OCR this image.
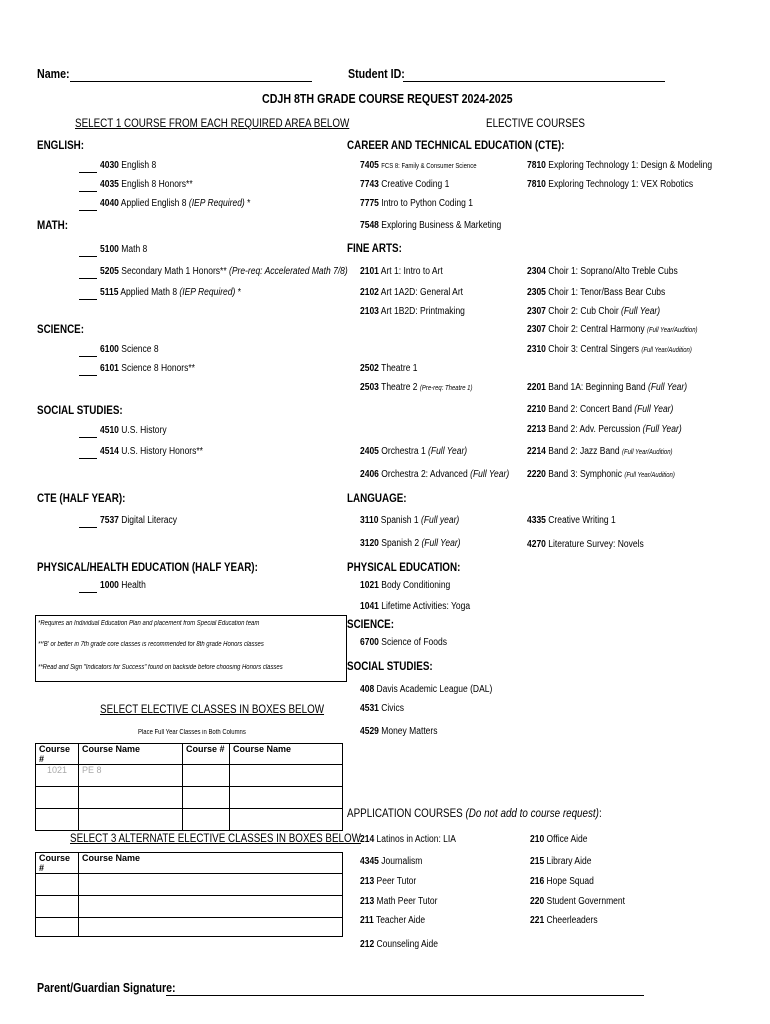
Name:	Student ID:
CDJH 8TH GRADE COURSE REQUEST 2024-2025
SELECT 1 COURSE FROM EACH REQUIRED AREA BELOW	ELECTIVE COURSES
ENGLISH:
4030 English 8
4035 English 8 Honors**
4040 Applied English 8 (IEP Required) *
MATH:
5100 Math 8
5205 Secondary Math 1 Honors** (Pre-req: Accelerated Math 7/8)
5115 Applied Math 8 (IEP Required) *
SCIENCE:
6100 Science 8
6101 Science 8 Honors**
SOCIAL STUDIES:
4510 U.S. History
4514 U.S. History Honors**
CTE (HALF YEAR):
7537 Digital Literacy
PHYSICAL/HEALTH EDUCATION (HALF YEAR):
1000 Health
*Requires an Individual Education Plan and placement from Special Education team
**'B' or better in 7th grade core classes is recommended for 8th grade Honors classes
**Read and Sign "Indicators for Success" found on backside before choosing Honors classes
SELECT ELECTIVE CLASSES IN BOXES BELOW
Place Full Year Classes in Both Columns
Course #	Course Name	Course #	Course Name
1021	PE 8		

SELECT 3 ALTERNATE ELECTIVE CLASSES IN BOXES BELOW
Course #	Course Name

CAREER AND TECHNICAL EDUCATION (CTE):
FINE ARTS:
LANGUAGE:
PHYSICAL EDUCATION:
SCIENCE:
SOCIAL STUDIES:
APPLICATION COURSES (Do not add to course request):
7405 FCS 8: Family & Consumer Science
7743 Creative Coding 1
7775 Intro to Python Coding 1
7548 Exploring Business & Marketing
7810 Exploring Technology 1: Design & Modeling
7810 Exploring Technology 1: VEX Robotics
2101 Art 1: Intro to Art
2102 Art 1A2D: General Art
2103 Art 1B2D: Printmaking
2502 Theatre 1
2503 Theatre 2 (Pre-req: Theatre 1)
2405 Orchestra 1 (Full Year)
2406 Orchestra 2: Advanced (Full Year)
2304 Choir 1: Soprano/Alto Treble Cubs
2305 Choir 1: Tenor/Bass Bear Cubs
2307 Choir 2: Cub Choir (Full Year)
2307 Choir 2: Central Harmony (Full Year/Audition)
2310 Choir 3: Central Singers (Full Year/Audition)
2201 Band 1A: Beginning Band (Full Year)
2210 Band 2: Concert Band (Full Year)
2213 Band 2: Adv. Percussion (Full Year)
2214 Band 2: Jazz Band (Full Year/Audition)
2220 Band 3: Symphonic (Full Year/Audition)
3110 Spanish 1 (Full year)
3120 Spanish 2 (Full Year)
4335 Creative Writing 1
4270 Literature Survey: Novels
1021 Body Conditioning
1041 Lifetime Activities: Yoga
6700 Science of Foods
408 Davis Academic League (DAL)
4531 Civics
4529 Money Matters
214 Latinos in Action: LIA
4345 Journalism
213 Peer Tutor
213 Math Peer Tutor
211 Teacher Aide
212 Counseling Aide
210 Office Aide
215 Library Aide
216 Hope Squad
220 Student Government
221 Cheerleaders
Parent/Guardian Signature:
